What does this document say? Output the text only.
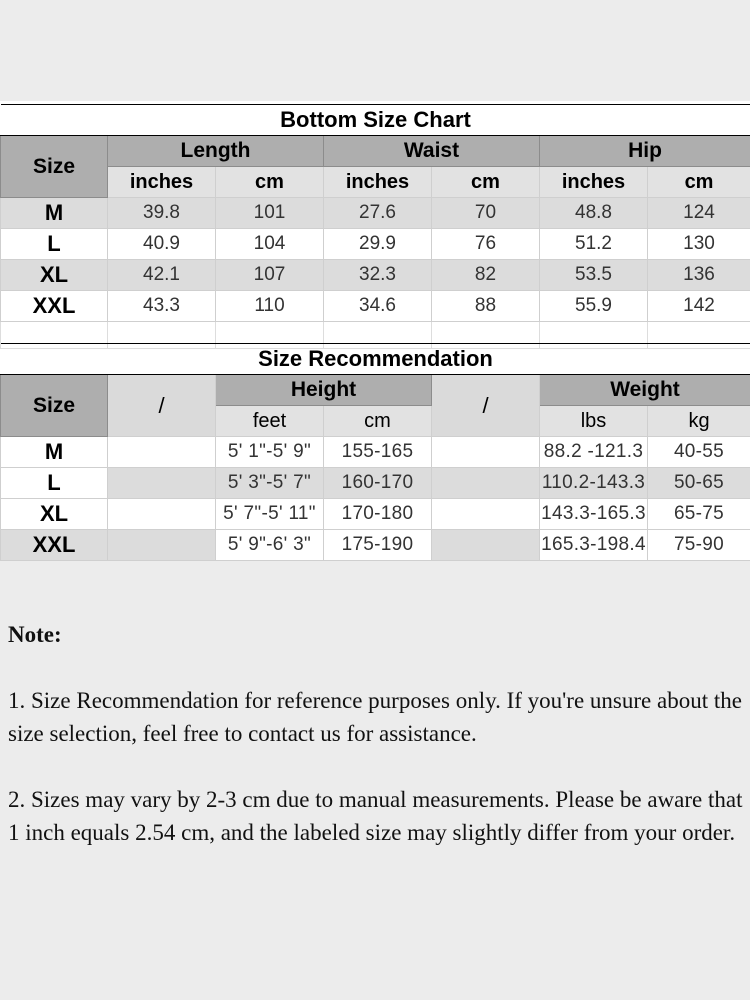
Bottom Size Chart						
Size	Length		Waist		Hip	
	inches	cm	inches	cm	inches	cm
M	39.8	101	27.6	70	48.8	124
L	40.9	104	29.9	76	51.2	130
XL	42.1	107	32.3	82	53.5	136
XXL	43.3	110	34.6	88	55.9	142

Size Recommendation						
Size	/	Height		/	Weight	
		feet	cm		lbs	kg
M		5' 1"-5' 9"	155-165		88.2 -121.3	40-55
L		5' 3"-5' 7"	160-170		110.2-143.3	50-65
XL		5' 7"-5' 11"	170-180		143.3-165.3	65-75
XXL		5' 9"-6' 3"	175-190		165.3-198.4	75-90

Note:

1. Size Recommendation for reference purposes only. If you're unsure about the size selection, feel free to contact us for assistance.

2. Sizes may vary by 2-3 cm due to manual measurements. Please be aware that 1 inch equals 2.54 cm, and the labeled size may slightly differ from your order.
